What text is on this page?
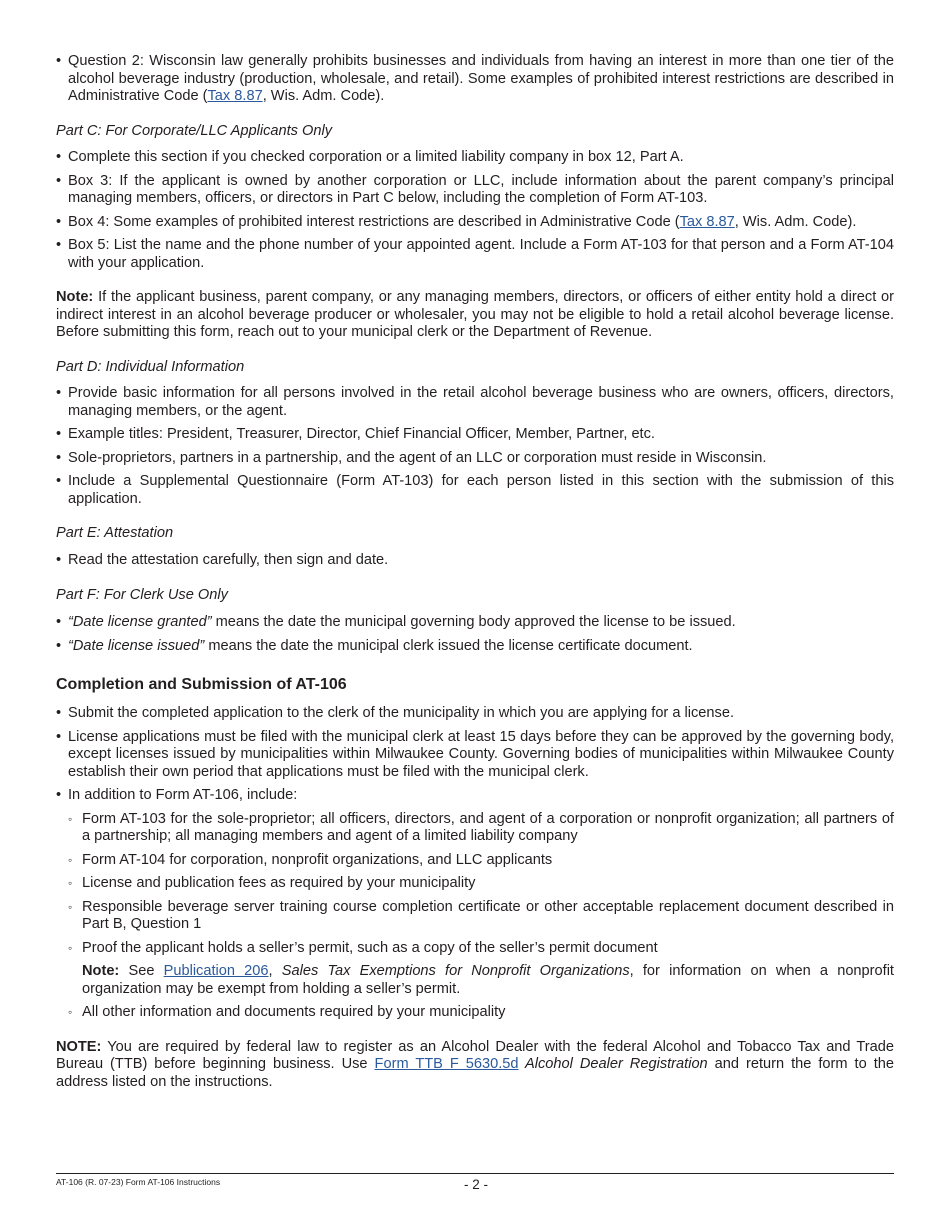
• Question 2: Wisconsin law generally prohibits businesses and individuals from having an interest in more than one tier of the alcohol beverage industry (production, wholesale, and retail). Some examples of prohibited interest restrictions are described in Administrative Code (Tax 8.87, Wis. Adm. Code).

Part C: For Corporate/LLC Applicants Only

• Complete this section if you checked corporation or a limited liability company in box 12, Part A.
• Box 3: If the applicant is owned by another corporation or LLC, include information about the parent company’s principal managing members, officers, or directors in Part C below, including the completion of Form AT-103.
• Box 4: Some examples of prohibited interest restrictions are described in Administrative Code (Tax 8.87, Wis. Adm. Code).
• Box 5: List the name and the phone number of your appointed agent. Include a Form AT-103 for that person and a Form AT-104 with your application.

Note: If the applicant business, parent company, or any managing members, directors, or officers of either entity hold a direct or indirect interest in an alcohol beverage producer or wholesaler, you may not be eligible to hold a retail alcohol beverage license. Before submitting this form, reach out to your municipal clerk or the Department of Revenue.

Part D: Individual Information

• Provide basic information for all persons involved in the retail alcohol beverage business who are owners, officers, directors, managing members, or the agent.
• Example titles: President, Treasurer, Director, Chief Financial Officer, Member, Partner, etc.
• Sole-proprietors, partners in a partnership, and the agent of an LLC or corporation must reside in Wisconsin.
• Include a Supplemental Questionnaire (Form AT-103) for each person listed in this section with the submission of this application.

Part E: Attestation

• Read the attestation carefully, then sign and date.

Part F: For Clerk Use Only

• “Date license granted” means the date the municipal governing body approved the license to be issued.
• “Date license issued” means the date the municipal clerk issued the license certificate document.

Completion and Submission of AT-106

• Submit the completed application to the clerk of the municipality in which you are applying for a license.
• License applications must be filed with the municipal clerk at least 15 days before they can be approved by the governing body, except licenses issued by municipalities within Milwaukee County. Governing bodies of municipalities within Milwaukee County establish their own period that applications must be filed with the municipal clerk.
• In addition to Form AT-106, include:
◦ Form AT-103 for the sole-proprietor; all officers, directors, and agent of a corporation or nonprofit organization; all partners of a partnership; all managing members and agent of a limited liability company
◦ Form AT-104 for corporation, nonprofit organizations, and LLC applicants
◦ License and publication fees as required by your municipality
◦ Responsible beverage server training course completion certificate or other acceptable replacement document described in Part B, Question 1
◦ Proof the applicant holds a seller’s permit, such as a copy of the seller’s permit document

Note: See Publication 206, Sales Tax Exemptions for Nonprofit Organizations, for information on when a nonprofit organization may be exempt from holding a seller’s permit.

◦ All other information and documents required by your municipality

NOTE: You are required by federal law to register as an Alcohol Dealer with the federal Alcohol and Tobacco Tax and Trade Bureau (TTB) before beginning business. Use Form TTB F 5630.5d Alcohol Dealer Registration and return the form to the address listed on the instructions.

AT-106 (R. 07-23) Form AT-106 Instructions	- 2 -
